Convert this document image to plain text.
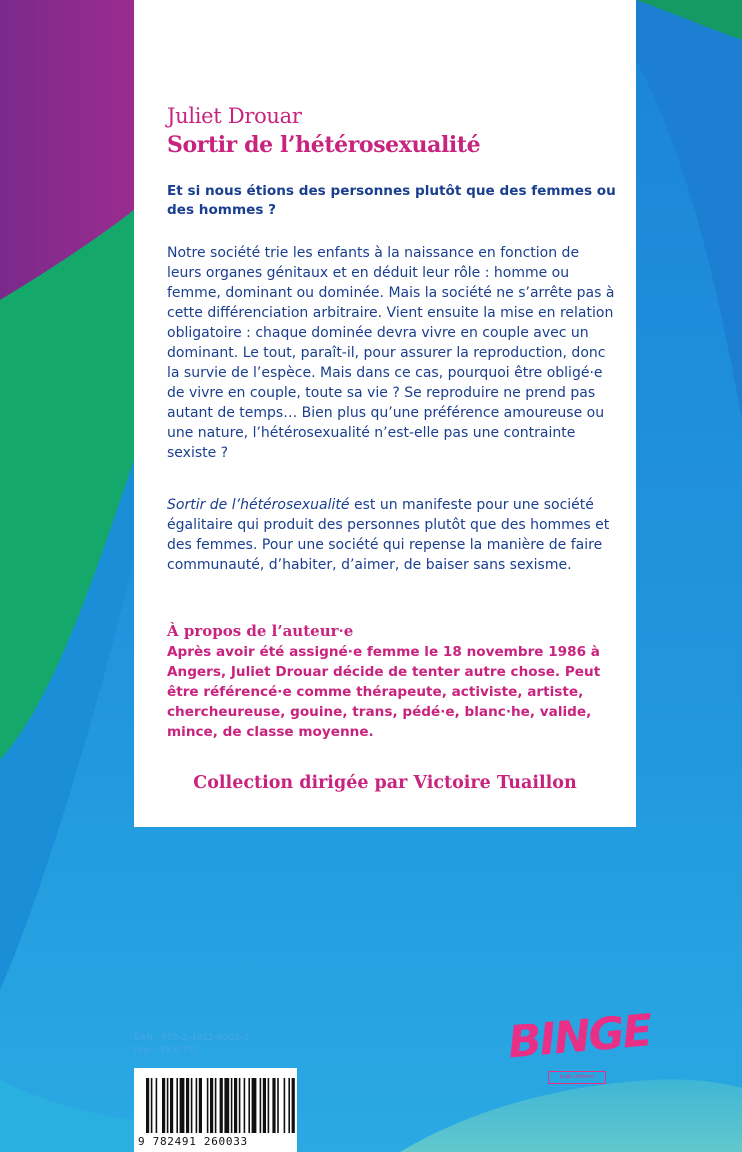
Juliet Drouar
Sortir de l’hétérosexualité
Et si nous étions des personnes plutôt que des femmes ou des hommes ?
Notre société trie les enfants à la naissance en fonction de leurs organes génitaux et en déduit leur rôle : homme ou femme, dominant ou dominée. Mais la société ne s’arrête pas à cette différenciation arbitraire. Vient ensuite la mise en relation obligatoire : chaque dominée devra vivre en couple avec un dominant. Le tout, paraît-il, pour assurer la reproduction, donc la survie de l’espèce. Mais dans ce cas, pourquoi être obligé·e de vivre en couple, toute sa vie ? Se reproduire ne prend pas autant de temps… Bien plus qu’une préférence amoureuse ou une nature, l’hétérosexualité n’est-elle pas une contrainte sexiste ?
Sortir de l’hétérosexualité est un manifeste pour une société égalitaire qui produit des personnes plutôt que des hommes et des femmes. Pour une société qui repense la manière de faire communauté, d’habiter, d’aimer, de baiser sans sexisme.
À propos de l’auteur·e
Après avoir été assigné·e femme le 18 novembre 1986 à Angers, Juliet Drouar décide de tenter autre chose. Peut être référencé·e comme thérapeute, activiste, artiste, chercheureuse, gouine, trans, pédé·e, blanc·he, valide, mince, de classe moyenne.
Collection dirigée par Victoire Tuaillon
EAN : 978-2-4912-6003-3
Prix : 15 € TTC
9 782491 260033
BINGE
audio éditions
